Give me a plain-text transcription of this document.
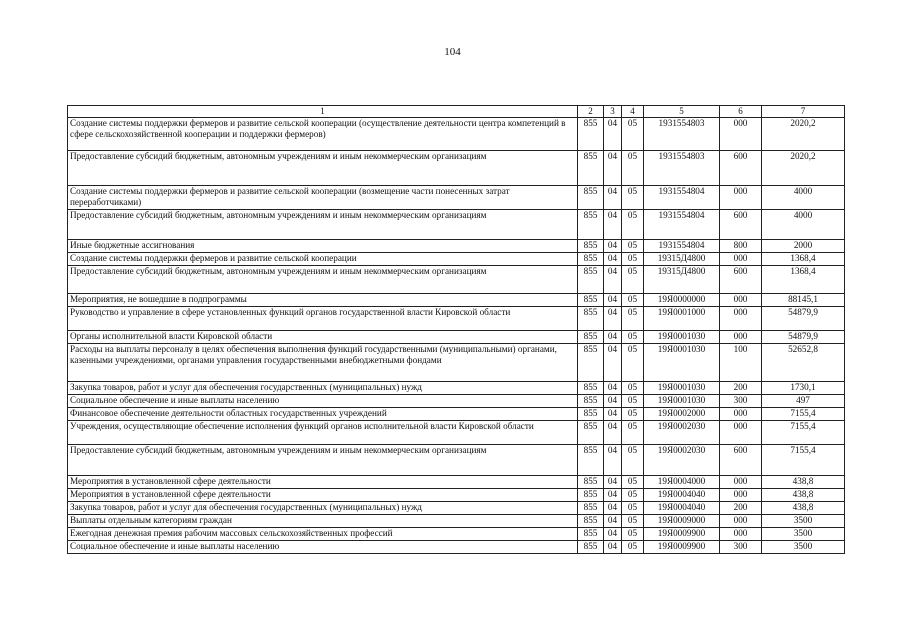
104
1	2	3	4	5	6	7
Создание системы поддержки фермеров и развитие сельской кооперации (осуществление деятельности центра компетенций в сфере сельскохозяйственной кооперации и поддержки фермеров)	855	04	05	1931554803	000	2020,2
Предоставление субсидий бюджетным, автономным учреждениям и иным некоммерческим организациям	855	04	05	1931554803	600	2020,2
Создание системы поддержки фермеров и развитие сельской кооперации (возмещение части понесенных затрат переработчиками)	855	04	05	1931554804	000	4000
Предоставление субсидий бюджетным, автономным учреждениям и иным некоммерческим организациям	855	04	05	1931554804	600	4000
Иные бюджетные ассигнования	855	04	05	1931554804	800	2000
Создание системы поддержки фермеров и развитие сельской кооперации	855	04	05	19315Д4800	000	1368,4
Предоставление субсидий бюджетным, автономным учреждениям и иным некоммерческим организациям	855	04	05	19315Д4800	600	1368,4
Мероприятия, не вошедшие в подпрограммы	855	04	05	19Я0000000	000	88145,1
Руководство и управление в сфере установленных функций органов государственной власти Кировской области	855	04	05	19Я0001000	000	54879,9
Органы исполнительной власти Кировской области	855	04	05	19Я0001030	000	54879,9
Расходы на выплаты персоналу в целях обеспечения выполнения функций государственными (муниципальными) органами, казенными учреждениями, органами управления государственными внебюджетными фондами	855	04	05	19Я0001030	100	52652,8
Закупка товаров, работ и услуг для обеспечения государственных (муниципальных) нужд	855	04	05	19Я0001030	200	1730,1
Социальное обеспечение и иные выплаты населению	855	04	05	19Я0001030	300	497
Финансовое обеспечение деятельности областных государственных учреждений	855	04	05	19Я0002000	000	7155,4
Учреждения, осуществляющие обеспечение исполнения функций органов исполнительной власти Кировской области	855	04	05	19Я0002030	000	7155,4
Предоставление субсидий бюджетным, автономным учреждениям и иным некоммерческим организациям	855	04	05	19Я0002030	600	7155,4
Мероприятия в установленной сфере деятельности	855	04	05	19Я0004000	000	438,8
Мероприятия в установленной сфере деятельности	855	04	05	19Я0004040	000	438,8
Закупка товаров, работ и услуг для обеспечения государственных (муниципальных) нужд	855	04	05	19Я0004040	200	438,8
Выплаты отдельным категориям граждан	855	04	05	19Я0009000	000	3500
Ежегодная денежная премия рабочим массовых сельскохозяйственных профессий	855	04	05	19Я0009900	000	3500
Социальное обеспечение и иные выплаты населению	855	04	05	19Я0009900	300	3500
